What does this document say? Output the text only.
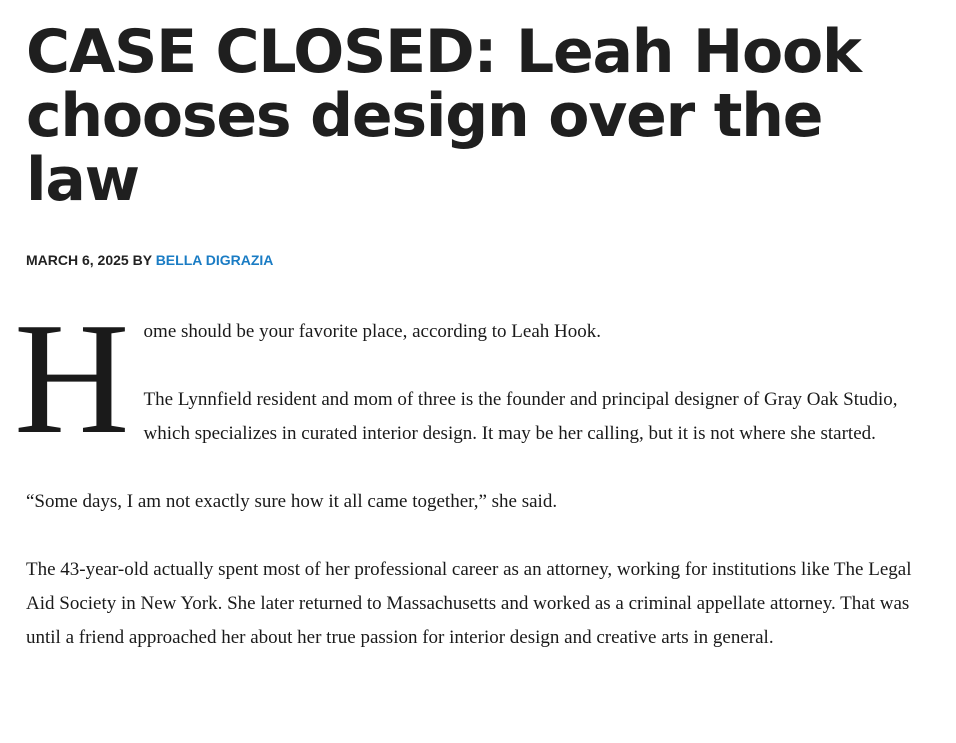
CASE CLOSED: Leah Hook chooses design over the law
MARCH 6, 2025 BY BELLA DIGRAZIA

Home should be your favorite place, according to Leah Hook.

The Lynnfield resident and mom of three is the founder and principal designer of Gray Oak Studio, which specializes in curated interior design. It may be her calling, but it is not where she started.

“Some days, I am not exactly sure how it all came together,” she said.

The 43-year-old actually spent most of her professional career as an attorney, working for institutions like The Legal Aid Society in New York. She later returned to Massachusetts and worked as a criminal appellate attorney. That was until a friend approached her about her true passion for interior design and creative arts in general.
